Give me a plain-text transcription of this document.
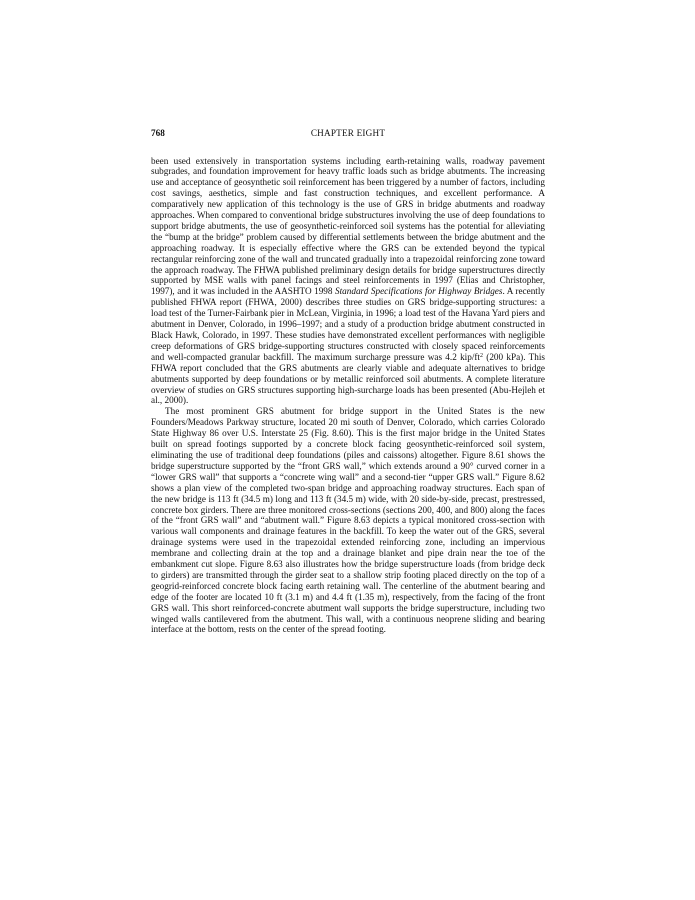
768	CHAPTER EIGHT

been used extensively in transportation systems including earth-retaining walls, roadway pavement subgrades, and foundation improvement for heavy traffic loads such as bridge abutments. The increasing use and acceptance of geosynthetic soil reinforcement has been triggered by a number of factors, including cost savings, aesthetics, simple and fast construction techniques, and excellent performance. A comparatively new application of this technology is the use of GRS in bridge abutments and roadway approaches. When compared to conventional bridge substructures involving the use of deep foundations to support bridge abutments, the use of geosynthetic-reinforced soil systems has the potential for alleviating the “bump at the bridge” problem caused by differential settlements between the bridge abutment and the approaching roadway. It is especially effective where the GRS can be extended beyond the typical rectangular reinforcing zone of the wall and truncated gradually into a trapezoidal reinforcing zone toward the approach roadway. The FHWA published preliminary design details for bridge superstructures directly supported by MSE walls with panel facings and steel reinforcements in 1997 (Elias and Christopher, 1997), and it was included in the AASHTO 1998 Standard Specifications for Highway Bridges. A recently published FHWA report (FHWA, 2000) describes three studies on GRS bridge-supporting structures: a load test of the Turner-Fairbank pier in McLean, Virginia, in 1996; a load test of the Havana Yard piers and abutment in Denver, Colorado, in 1996–1997; and a study of a production bridge abutment constructed in Black Hawk, Colorado, in 1997. These studies have demonstrated excellent performances with negligible creep deformations of GRS bridge-supporting structures constructed with closely spaced reinforcements and well-compacted granular backfill. The maximum surcharge pressure was 4.2 kip/$ft^2$ (200 kPa). This FHWA report concluded that the GRS abutments are clearly viable and adequate alternatives to bridge abutments supported by deep foundations or by metallic reinforced soil abutments. A complete literature overview of studies on GRS structures supporting high-surcharge loads has been presented (Abu-Hejleh et al., 2000).

The most prominent GRS abutment for bridge support in the United States is the new Founders/Meadows Parkway structure, located 20 mi south of Denver, Colorado, which carries Colorado State Highway 86 over U.S. Interstate 25 (Fig. 8.60). This is the first major bridge in the United States built on spread footings supported by a concrete block facing geosynthetic-reinforced soil system, eliminating the use of traditional deep foundations (piles and caissons) altogether. Figure 8.61 shows the bridge superstructure supported by the “front GRS wall,” which extends around a 90° curved corner in a “lower GRS wall” that supports a “concrete wing wall” and a second-tier “upper GRS wall.” Figure 8.62 shows a plan view of the completed two-span bridge and approaching roadway structures. Each span of the new bridge is 113 ft (34.5 m) long and 113 ft (34.5 m) wide, with 20 side-by-side, precast, prestressed, concrete box girders. There are three monitored cross-sections (sections 200, 400, and 800) along the faces of the “front GRS wall” and “abutment wall.” Figure 8.63 depicts a typical monitored cross-section with various wall components and drainage features in the backfill. To keep the water out of the GRS, several drainage systems were used in the trapezoidal extended reinforcing zone, including an impervious membrane and collecting drain at the top and a drainage blanket and pipe drain near the toe of the embankment cut slope. Figure 8.63 also illustrates how the bridge superstructure loads (from bridge deck to girders) are transmitted through the girder seat to a shallow strip footing placed directly on the top of a geogrid-reinforced concrete block facing earth retaining wall. The centerline of the abutment bearing and edge of the footer are located 10 ft (3.1 m) and 4.4 ft (1.35 m), respectively, from the facing of the front GRS wall. This short reinforced-concrete abutment wall supports the bridge superstructure, including two winged walls cantilevered from the abutment. This wall, with a continuous neoprene sliding and bearing interface at the bottom, rests on the center of the spread footing.
